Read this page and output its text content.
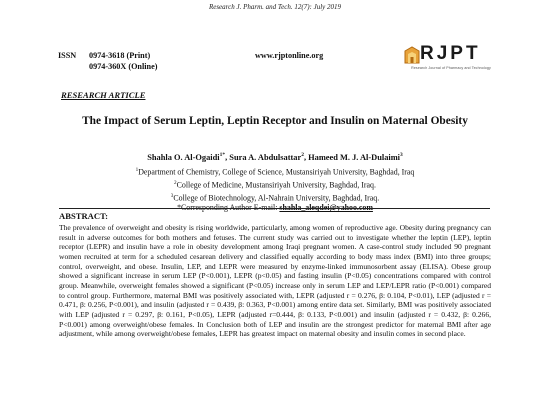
Research J. Pharm. and Tech. 12(7): July 2019
ISSN	0974-3618 (Print)
0974-360X (Online)
www.rjptonline.org	RJPT
Research Journal of Pharmacy and Technology
RESEARCH ARTICLE
The Impact of Serum Leptin, Leptin Receptor and Insulin on Maternal Obesity
Shahla O. Al-Ogaidi$^{1*}$, Sura A. Abdulsattar$^2$, Hameed M. J. Al-Dulaimi$^3$
$^1$Department of Chemistry, College of Science, Mustansiriyah University, Baghdad, Iraq
$^2$College of Medicine, Mustansiriyah University, Baghdad, Iraq.
$^3$College of Biotechnology, Al-Nahrain University, Baghdad, Iraq.
*Corresponding Author E-mail: shahla_aleqdei@yahoo.com
ABSTRACT:

The prevalence of overweight and obesity is rising worldwide, particularly, among women of reproductive age. Obesity during pregnancy can result in adverse outcomes for both mothers and fetuses. The current study was carried out to investigate whether the leptin (LEP), leptin receptor (LEPR) and insulin have a role in obesity development among Iraqi pregnant women. A case-control study included 90 pregnant women recruited at term for a scheduled cesarean delivery and classified equally according to body mass index (BMI) into three groups; control, overweight, and obese. Insulin, LEP, and LEPR were measured by enzyme-linked immunosorbent assay (ELISA). Obese group showed a significant increase in serum LEP (P<0.001), LEPR (p<0.05) and fasting insulin (P<0.05) concentrations compared with control group. Meanwhile, overweight females showed a significant (P<0.05) increase only in serum LEP and LEP/LEPR ratio (P<0.001) compared to control group. Furthermore, maternal BMI was positively associated with, LEPR (adjusted r = 0.276, β: 0.104, P<0.01), LEP (adjusted r = 0.471, β: 0.256, P<0.001), and insulin (adjusted r = 0.439, β: 0.363, P<0.001) among entire data set. Similarly, BMI was positively associated with LEP (adjusted r = 0.297, β: 0.161, P<0.05), LEPR (adjusted r=0.444, β: 0.133, P<0.001) and insulin (adjusted r = 0.432, β: 0.266, P<0.001) among overweight/obese females. In Conclusion both of LEP and insulin are the strongest predictor for maternal BMI after age adjustment, while among overweight/obese females, LEPR has greatest impact on maternal obesity and insulin comes in second place.
